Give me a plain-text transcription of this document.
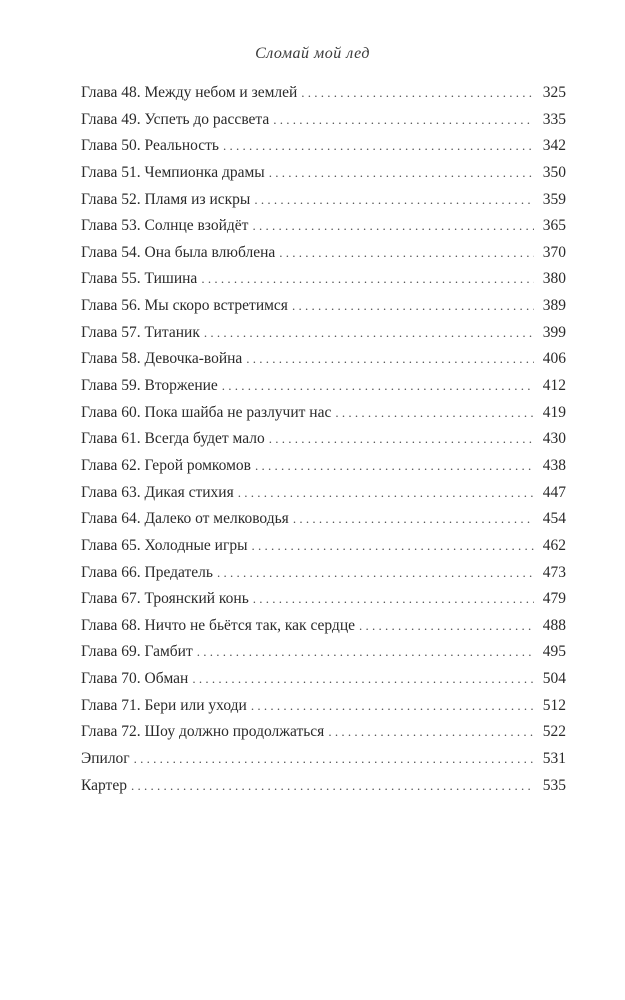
Сломай мой лед
Глава 48. Между небом и землей . . .	325
Глава 49. Успеть до рассвета . . .	335
Глава 50. Реальность . . .	342
Глава 51. Чемпионка драмы . . .	350
Глава 52. Пламя из искры . . .	359
Глава 53. Солнце взойдёт . . .	365
Глава 54. Она была влюблена . . .	370
Глава 55. Тишина . . .	380
Глава 56. Мы скоро встретимся . . .	389
Глава 57. Титаник . . .	399
Глава 58. Девочка-война . . .	406
Глава 59. Вторжение . . .	412
Глава 60. Пока шайба не разлучит нас . . .	419
Глава 61. Всегда будет мало . . .	430
Глава 62. Герой ромкомов . . .	438
Глава 63. Дикая стихия . . .	447
Глава 64. Далеко от мелководья . . .	454
Глава 65. Холодные игры . . .	462
Глава 66. Предатель . . .	473
Глава 67. Троянский конь . . .	479
Глава 68. Ничто не бьётся так, как сердце . . .	488
Глава 69. Гамбит . . .	495
Глава 70. Обман . . .	504
Глава 71. Бери или уходи . . .	512
Глава 72. Шоу должно продолжаться . . .	522
Эпилог . . .	531
Картер . . .	535
